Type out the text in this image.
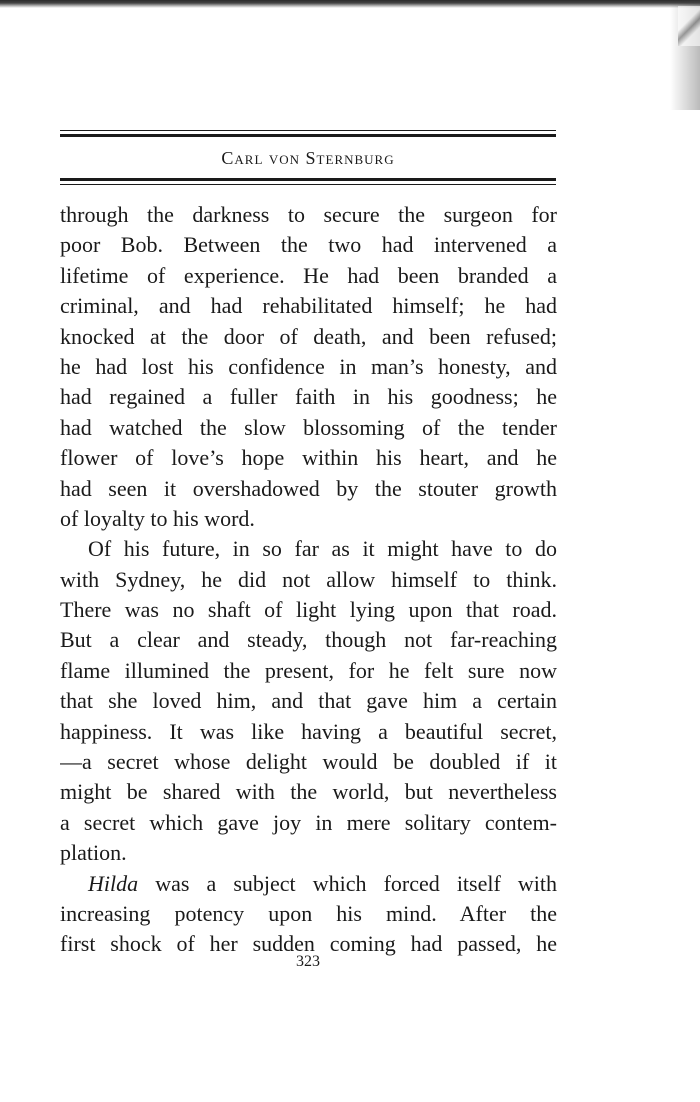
Carl von Sternburg
through the darkness to secure the surgeon for
poor Bob. Between the two had intervened a
lifetime of experience. He had been branded a
criminal, and had rehabilitated himself; he had
knocked at the door of death, and been refused;
he had lost his confidence in man’s honesty, and
had regained a fuller faith in his goodness; he
had watched the slow blossoming of the tender
flower of love’s hope within his heart, and he
had seen it overshadowed by the stouter growth
of loyalty to his word.
Of his future, in so far as it might have to do
with Sydney, he did not allow himself to think.
There was no shaft of light lying upon that road.
But a clear and steady, though not far-reaching
flame illumined the present, for he felt sure now
that she loved him, and that gave him a certain
happiness. It was like having a beautiful secret,
—a secret whose delight would be doubled if it
might be shared with the world, but nevertheless
a secret which gave joy in mere solitary contem-
plation.
Hilda was a subject which forced itself with
increasing potency upon his mind. After the
first shock of her sudden coming had passed, he
323
